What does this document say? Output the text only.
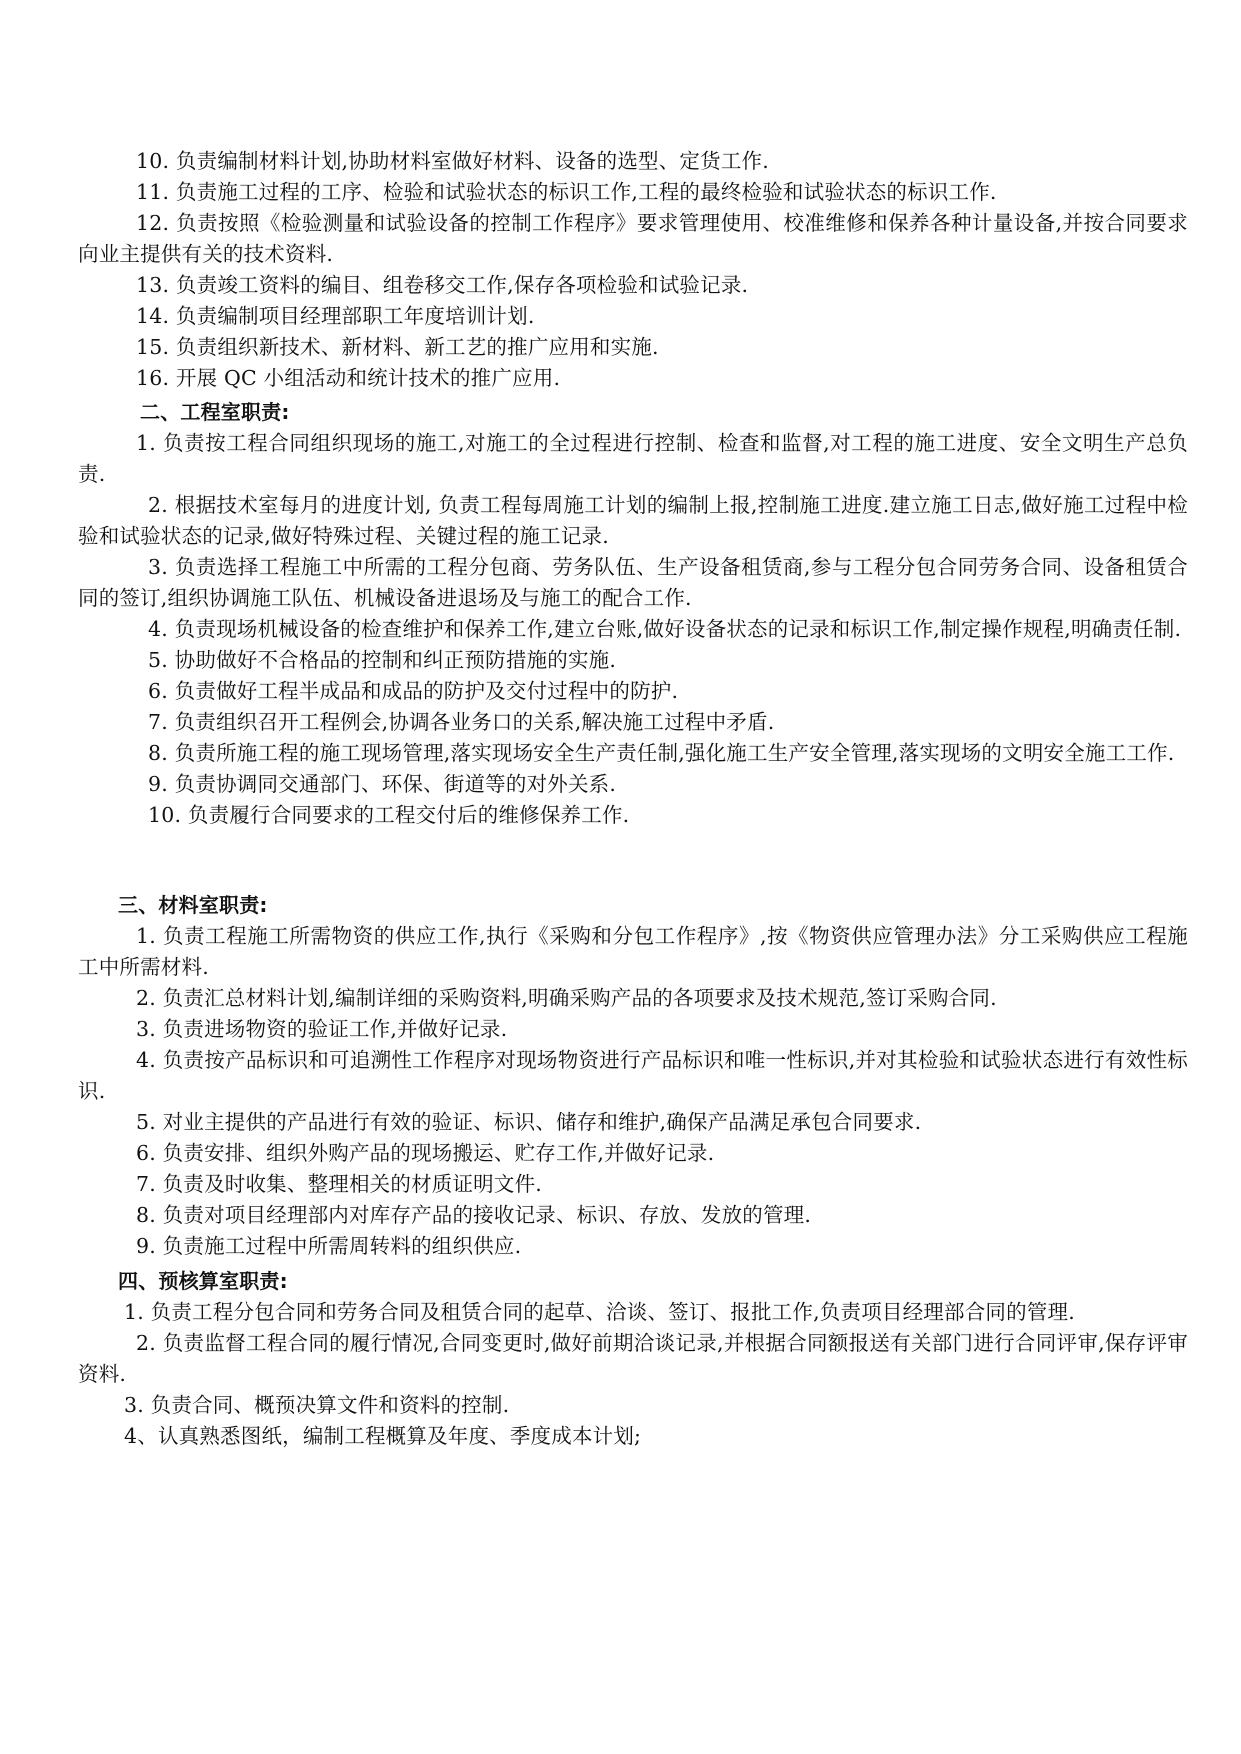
10. 负责编制材料计划,协助材料室做好材料、设备的选型、定货工作.

11. 负责施工过程的工序、检验和试验状态的标识工作,工程的最终检验和试验状态的标识工作.

12. 负责按照《检验测量和试验设备的控制工作程序》要求管理使用、校准维修和保养各种计量设备,并按合同要求向业主提供有关的技术资料.

13. 负责竣工资料的编目、组卷移交工作,保存各项检验和试验记录.

14. 负责编制项目经理部职工年度培训计划.

15. 负责组织新技术、新材料、新工艺的推广应用和实施.

16. 开展 QC 小组活动和统计技术的推广应用.

二、工程室职责:

1. 负责按工程合同组织现场的施工,对施工的全过程进行控制、检查和监督,对工程的施工进度、安全文明生产总负责.

2. 根据技术室每月的进度计划, 负责工程每周施工计划的编制上报,控制施工进度.建立施工日志,做好施工过程中检验和试验状态的记录,做好特殊过程、关键过程的施工记录.

3. 负责选择工程施工中所需的工程分包商、劳务队伍、生产设备租赁商,参与工程分包合同劳务合同、设备租赁合同的签订,组织协调施工队伍、机械设备进退场及与施工的配合工作.

4. 负责现场机械设备的检查维护和保养工作,建立台账,做好设备状态的记录和标识工作,制定操作规程,明确责任制.

5. 协助做好不合格品的控制和纠正预防措施的实施.

6. 负责做好工程半成品和成品的防护及交付过程中的防护.

7. 负责组织召开工程例会,协调各业务口的关系,解决施工过程中矛盾.

8. 负责所施工程的施工现场管理,落实现场安全生产责任制,强化施工生产安全管理,落实现场的文明安全施工工作.

9. 负责协调同交通部门、环保、街道等的对外关系.

10. 负责履行合同要求的工程交付后的维修保养工作.

三、材料室职责:

1. 负责工程施工所需物资的供应工作,执行《采购和分包工作程序》,按《物资供应管理办法》分工采购供应工程施工中所需材料.

2. 负责汇总材料计划,编制详细的采购资料,明确采购产品的各项要求及技术规范,签订采购合同.

3. 负责进场物资的验证工作,并做好记录.

4. 负责按产品标识和可追溯性工作程序对现场物资进行产品标识和唯一性标识,并对其检验和试验状态进行有效性标识.

5. 对业主提供的产品进行有效的验证、标识、储存和维护,确保产品满足承包合同要求.

6. 负责安排、组织外购产品的现场搬运、贮存工作,并做好记录.

7. 负责及时收集、整理相关的材质证明文件.

8. 负责对项目经理部内对库存产品的接收记录、标识、存放、发放的管理.

9. 负责施工过程中所需周转料的组织供应.

四、预核算室职责:

1. 负责工程分包合同和劳务合同及租赁合同的起草、洽谈、签订、报批工作,负责项目经理部合同的管理.

2. 负责监督工程合同的履行情况,合同变更时,做好前期洽谈记录,并根据合同额报送有关部门进行合同评审,保存评审资料.

3. 负责合同、概预决算文件和资料的控制.

4、认真熟悉图纸，编制工程概算及年度、季度成本计划;
